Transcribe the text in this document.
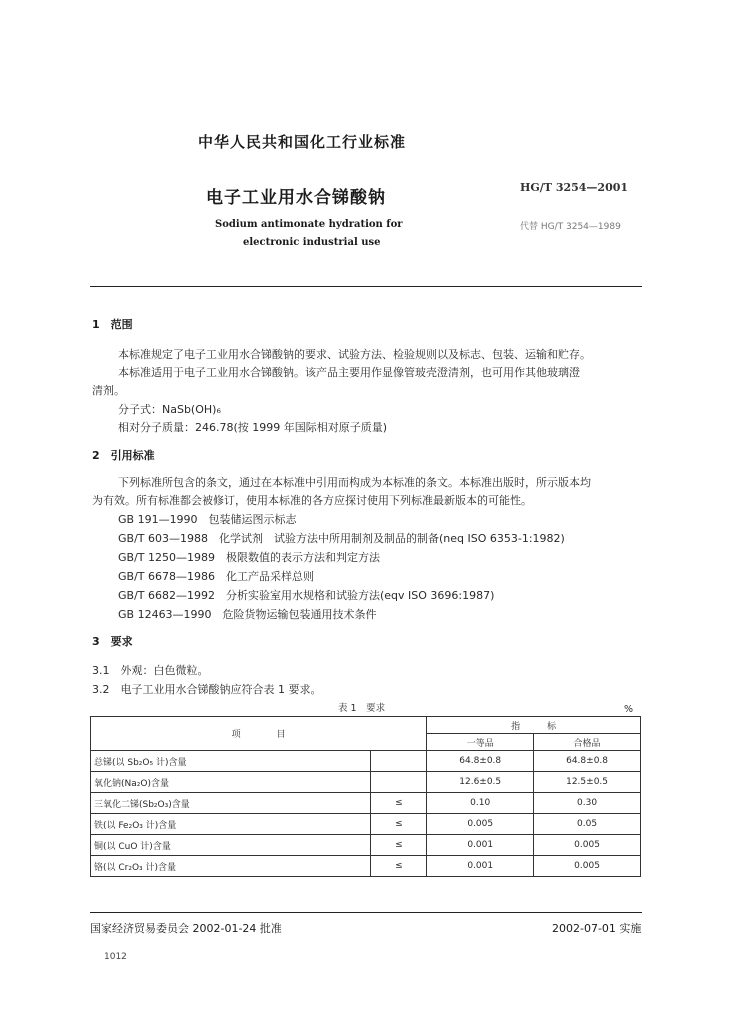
中华人民共和国化工行业标准
电子工业用水合锑酸钠
HG/T 3254—2001
Sodium antimonate hydration for
electronic industrial use
代替 HG/T 3254—1989
1　范围
本标准规定了电子工业用水合锑酸钠的要求、试验方法、检验规则以及标志、包装、运输和贮存。
本标准适用于电子工业用水合锑酸钠。该产品主要用作显像管玻壳澄清剂，也可用作其他玻璃澄
清剂。
分子式：NaSb(OH)₆
相对分子质量：246.78(按 1999 年国际相对原子质量)
2　引用标准
下列标准所包含的条文，通过在本标准中引用而构成为本标准的条文。本标准出版时，所示版本均
为有效。所有标准都会被修订，使用本标准的各方应探讨使用下列标准最新版本的可能性。
GB 191—1990　包装储运图示标志
GB/T 603—1988　化学试剂　试验方法中所用制剂及制品的制备(neq ISO 6353-1:1982)
GB/T 1250—1989　极限数值的表示方法和判定方法
GB/T 6678—1986　化工产品采样总则
GB/T 6682—1992　分析实验室用水规格和试验方法(eqv ISO 3696:1987)
GB 12463—1990　危险货物运输包装通用技术条件
3　要求
3.1　外观：白色微粒。
3.2　电子工业用水合锑酸钠应符合表 1 要求。
表 1　要求	%
项　　　　目		指　　　标	
		一等品	合格品
总锑(以 Sb₂O₅ 计)含量		64.8±0.8	64.8±0.8
氧化钠(Na₂O)含量		12.6±0.5	12.5±0.5
三氧化二锑(Sb₂O₃)含量	≤	0.10	0.30
铁(以 Fe₂O₃ 计)含量	≤	0.005	0.05
铜(以 CuO 计)含量	≤	0.001	0.005
铬(以 Cr₂O₃ 计)含量	≤	0.001	0.005
国家经济贸易委员会 2002-01-24 批准	2002-07-01 实施
1012
